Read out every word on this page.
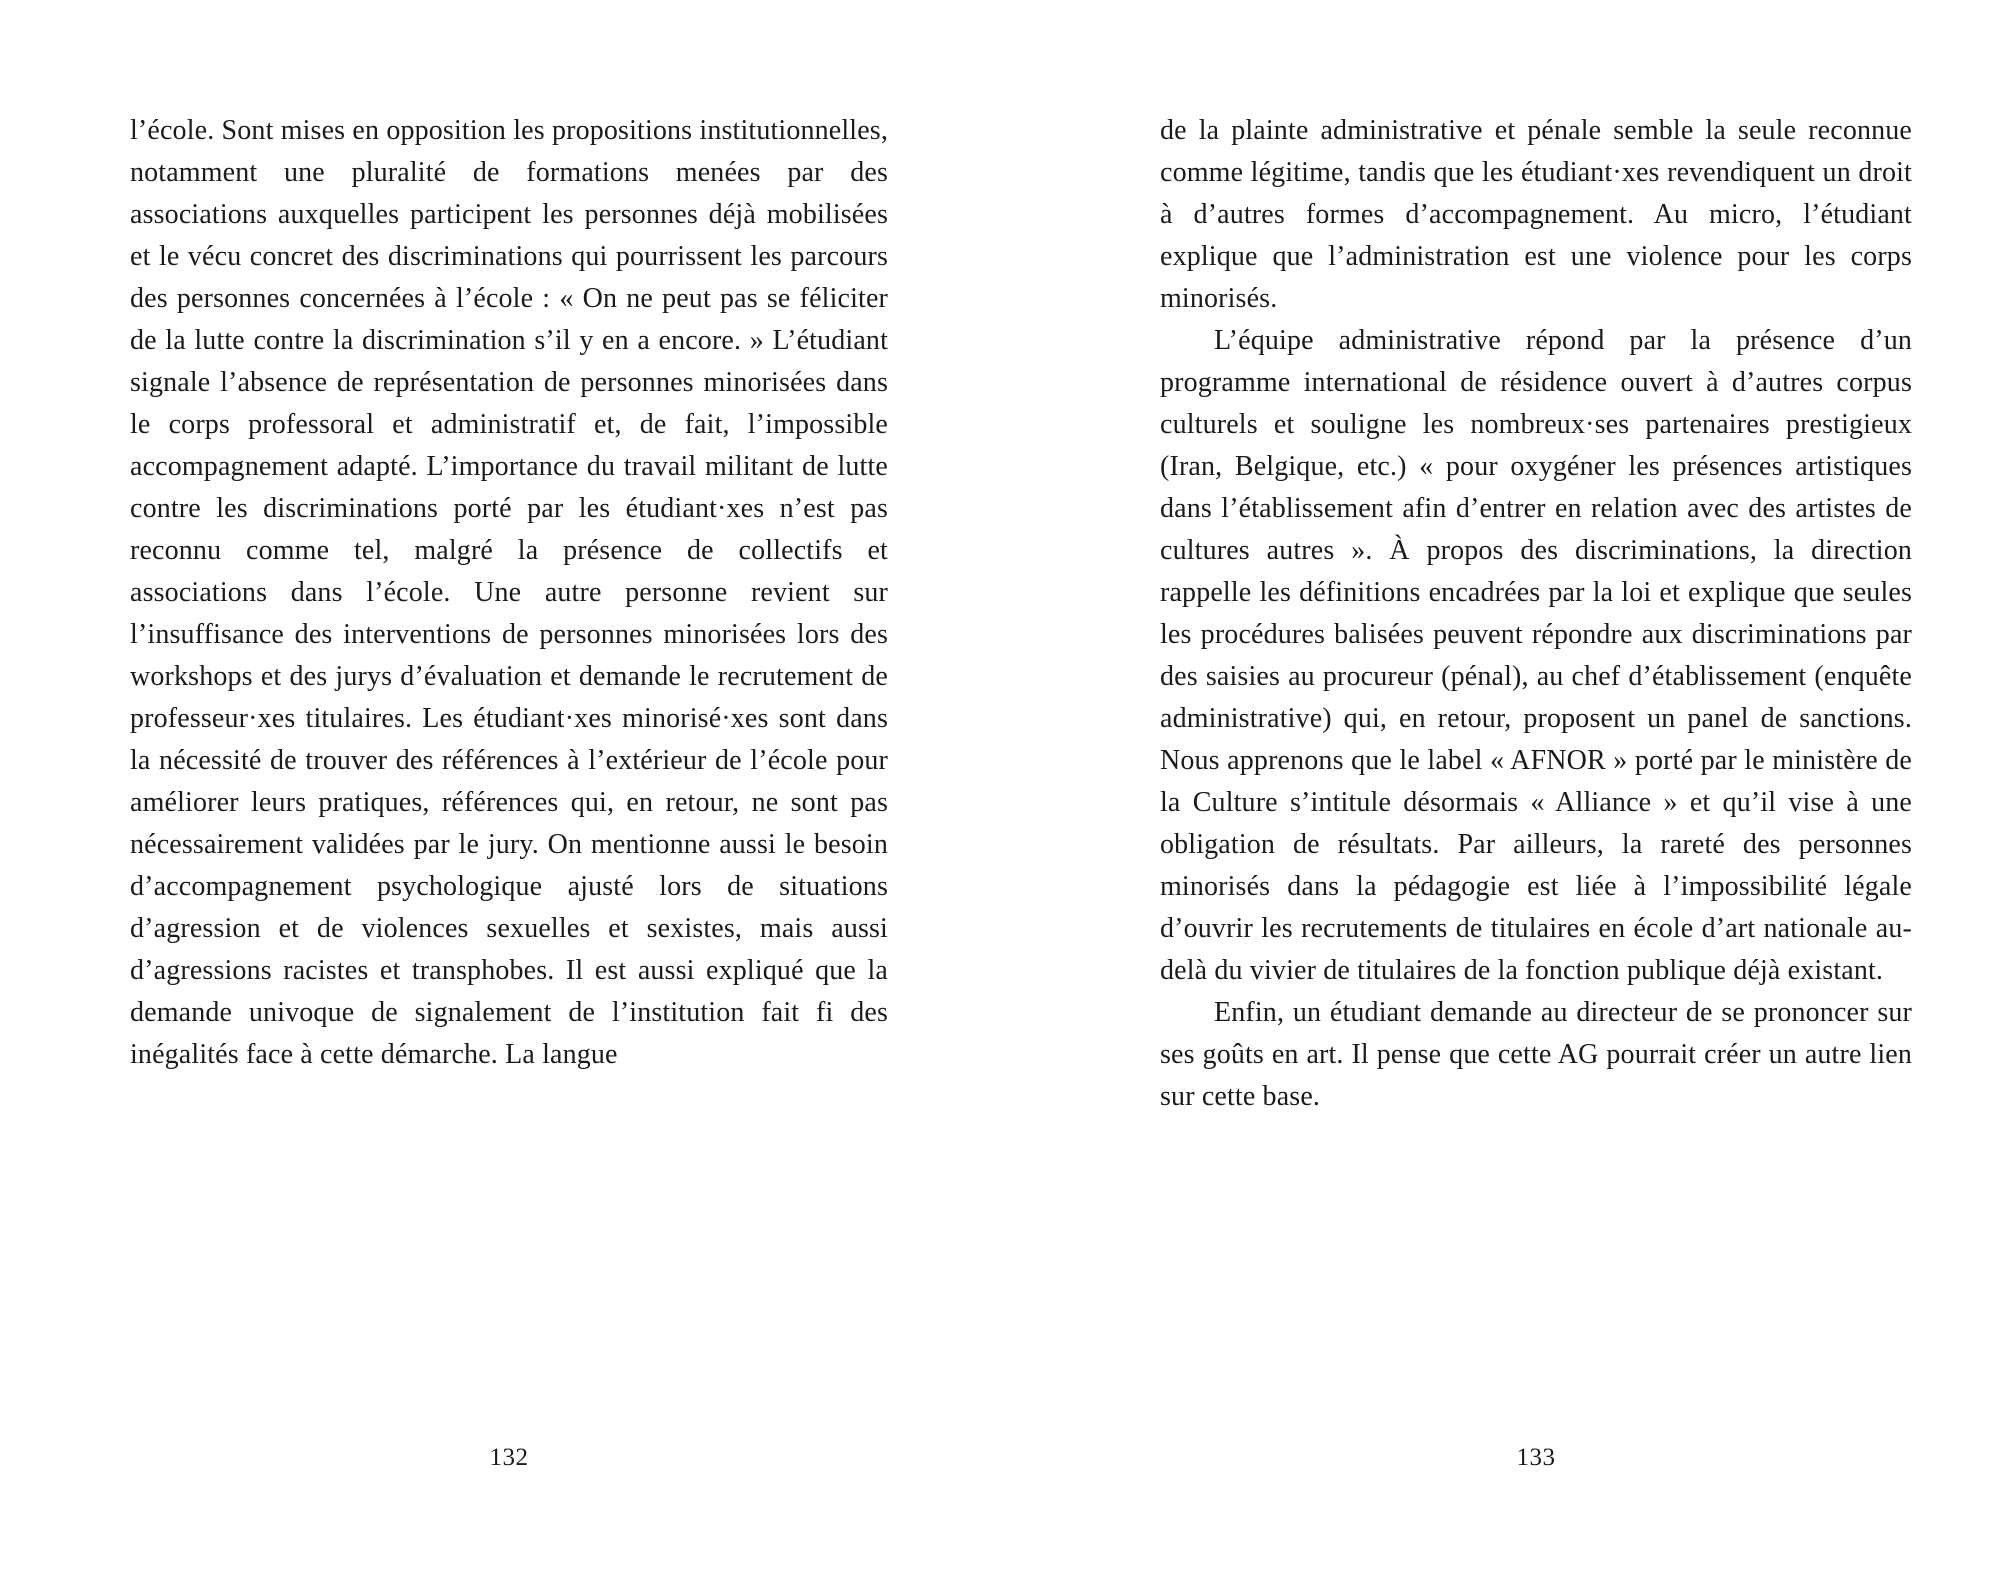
l’école. Sont mises en opposition les propositions institutionnelles, notamment une pluralité de formations menées par des associations auxquelles participent les personnes déjà mobilisées et le vécu concret des discriminations qui pourrissent les parcours des personnes concernées à l’école : « On ne peut pas se féliciter de la lutte contre la discrimination s’il y en a encore. » L’étudiant signale l’absence de représentation de personnes minorisées dans le corps professoral et administratif et, de fait, l’impossible accompagnement adapté. L’importance du travail militant de lutte contre les discriminations porté par les étudiant·xes n’est pas reconnu comme tel, malgré la présence de collectifs et associations dans l’école. Une autre personne revient sur l’insuffisance des interventions de personnes minorisées lors des workshops et des jurys d’évaluation et demande le recrutement de professeur·xes titulaires. Les étudiant·xes minorisé·xes sont dans la nécessité de trouver des références à l’extérieur de l’école pour améliorer leurs pratiques, références qui, en retour, ne sont pas nécessairement validées par le jury. On mentionne aussi le besoin d’accompagnement psychologique ajusté lors de situations d’agression et de violences sexuelles et sexistes, mais aussi d’agressions racistes et transphobes. Il est aussi expliqué que la demande univoque de signalement de l’institution fait fi des inégalités face à cette démarche. La langue

132

de la plainte administrative et pénale semble la seule reconnue comme légitime, tandis que les étudiant·xes revendiquent un droit à d’autres formes d’accompagnement. Au micro, l’étudiant explique que l’administration est une violence pour les corps minorisés.

L’équipe administrative répond par la présence d’un programme international de résidence ouvert à d’autres corpus culturels et souligne les nombreux·ses partenaires prestigieux (Iran, Belgique, etc.) « pour oxygéner les présences artistiques dans l’établissement afin d’entrer en relation avec des artistes de cultures autres ». À propos des discriminations, la direction rappelle les définitions encadrées par la loi et explique que seules les procédures balisées peuvent répondre aux discriminations par des saisies au procureur (pénal), au chef d’établissement (enquête administrative) qui, en retour, proposent un panel de sanctions. Nous apprenons que le label « AFNOR » porté par le ministère de la Culture s’intitule désormais « Alliance » et qu’il vise à une obligation de résultats. Par ailleurs, la rareté des personnes minorisés dans la pédagogie est liée à l’impossibilité légale d’ouvrir les recrutements de titulaires en école d’art nationale au-delà du vivier de titulaires de la fonction publique déjà existant.

Enfin, un étudiant demande au directeur de se prononcer sur ses goûts en art. Il pense que cette AG pourrait créer un autre lien sur cette base.

133
